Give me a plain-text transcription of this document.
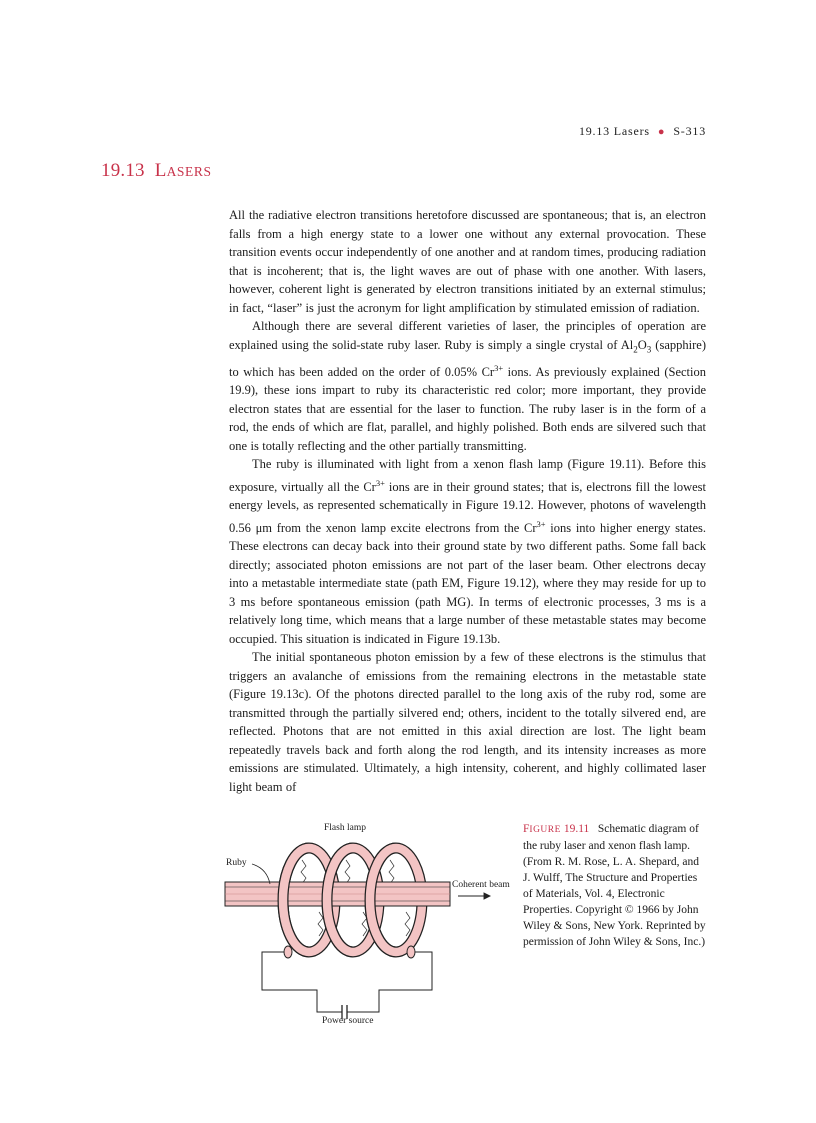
19.13 Lasers ● S-313
19.13 LASERS

All the radiative electron transitions heretofore discussed are spontaneous; that is, an electron falls from a high energy state to a lower one without any external provocation. These transition events occur independently of one another and at random times, producing radiation that is incoherent; that is, the light waves are out of phase with one another. With lasers, however, coherent light is generated by electron transitions initiated by an external stimulus; in fact, “laser” is just the acronym for light amplification by stimulated emission of radiation.

Although there are several different varieties of laser, the principles of operation are explained using the solid-state ruby laser. Ruby is simply a single crystal of $Al_2O_3$ (sapphire) to which has been added on the order of 0.05% $Cr^{3+}$ ions. As previously explained (Section 19.9), these ions impart to ruby its characteristic red color; more important, they provide electron states that are essential for the laser to function. The ruby laser is in the form of a rod, the ends of which are flat, parallel, and highly polished. Both ends are silvered such that one is totally reflecting and the other partially transmitting.

The ruby is illuminated with light from a xenon flash lamp (Figure 19.11). Before this exposure, virtually all the $Cr^{3+}$ ions are in their ground states; that is, electrons fill the lowest energy levels, as represented schematically in Figure 19.12. However, photons of wavelength 0.56 μm from the xenon lamp excite electrons from the $Cr^{3+}$ ions into higher energy states. These electrons can decay back into their ground state by two different paths. Some fall back directly; associated photon emissions are not part of the laser beam. Other electrons decay into a metastable intermediate state (path EM, Figure 19.12), where they may reside for up to 3 ms before spontaneous emission (path MG). In terms of electronic processes, 3 ms is a relatively long time, which means that a large number of these metastable states may become occupied. This situation is indicated in Figure 19.13b.

The initial spontaneous photon emission by a few of these electrons is the stimulus that triggers an avalanche of emissions from the remaining electrons in the metastable state (Figure 19.13c). Of the photons directed parallel to the long axis of the ruby rod, some are transmitted through the partially silvered end; others, incident to the totally silvered end, are reflected. Photons that are not emitted in this axial direction are lost. The light beam repeatedly travels back and forth along the rod length, and its intensity increases as more emissions are stimulated. Ultimately, a high intensity, coherent, and highly collimated laser light beam of

Flash lamp
Ruby
Coherent beam
Power source
FIGURE 19.11 Schematic diagram of the ruby laser and xenon flash lamp. (From R. M. Rose, L. A. Shepard, and J. Wulff, The Structure and Properties of Materials, Vol. 4, Electronic Properties. Copyright © 1966 by John Wiley & Sons, New York. Reprinted by permission of John Wiley & Sons, Inc.)
